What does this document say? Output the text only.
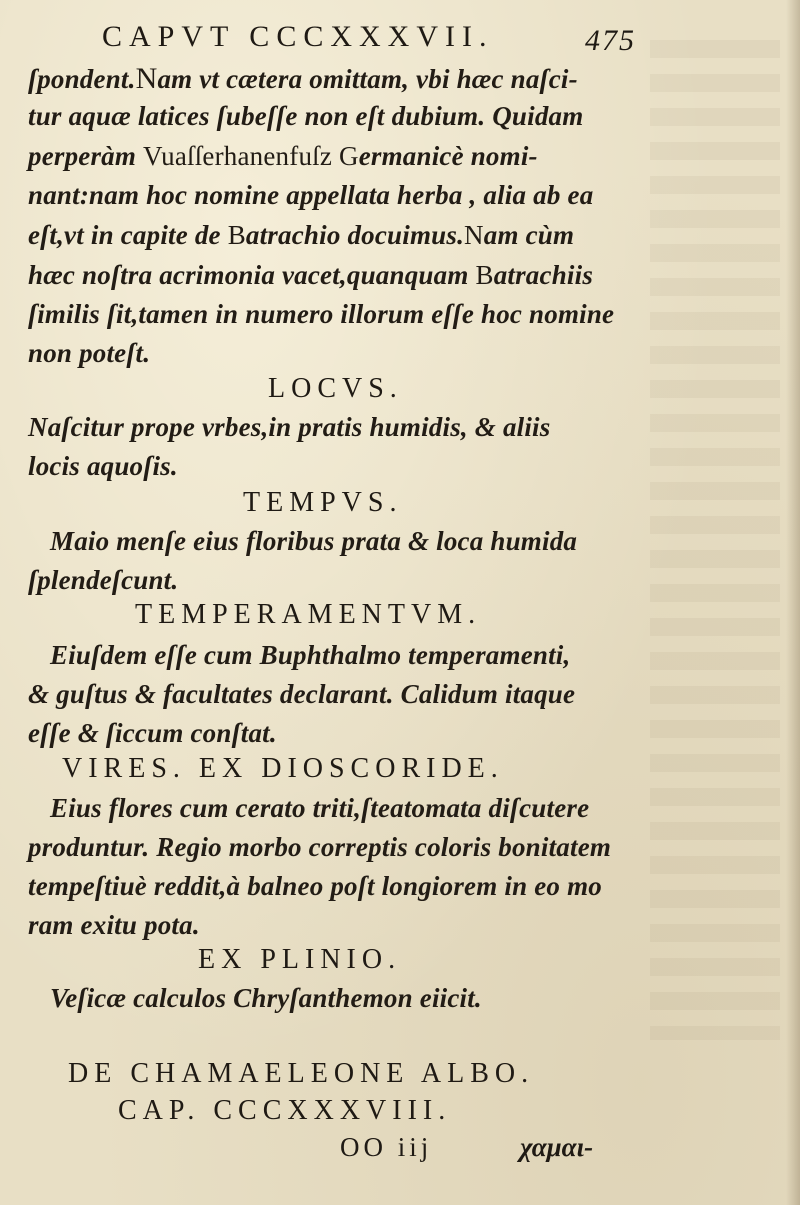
CAPVT CCCXXXVII.	475
ſpondent.Nam vt cætera omittam, vbi hæc naſci-
tur aquæ latices ſubeſſe non eſt dubium. Quidam
perperàm Vuaſſerhanenfuſz Germanicè nomi-
nant:nam hoc nomine appellata herba , alia ab ea
eſt,vt in capite de Batrachio docuimus.Nam cùm
hæc noſtra acrimonia vacet,quanquam Batrachiis
ſimilis ſit,tamen in numero illorum eſſe hoc nomine
non poteſt.
LOCVS.
Naſcitur prope vrbes,in pratis humidis, & aliis
locis aquoſis.
TEMPVS.
Maio menſe eius floribus prata & loca humida
ſplendeſcunt.
TEMPERAMENTVM.
Eiuſdem eſſe cum Buphthalmo temperamenti,
& guſtus & facultates declarant. Calidum itaque
eſſe & ſiccum conſtat.
VIRES. EX DIOSCORIDE.
Eius flores cum cerato triti,ſteatomata diſcutere
produntur. Regio morbo correptis coloris bonitatem
tempeſtiuè reddit,à balneo poſt longiorem in eo mo
ram exitu pota.
EX PLINIO.
Veſicæ calculos Chryſanthemon eiicit.
DE CHAMAELEONE ALBO.
CAP. CCCXXXVIII.
OO iij	χαμαι-
